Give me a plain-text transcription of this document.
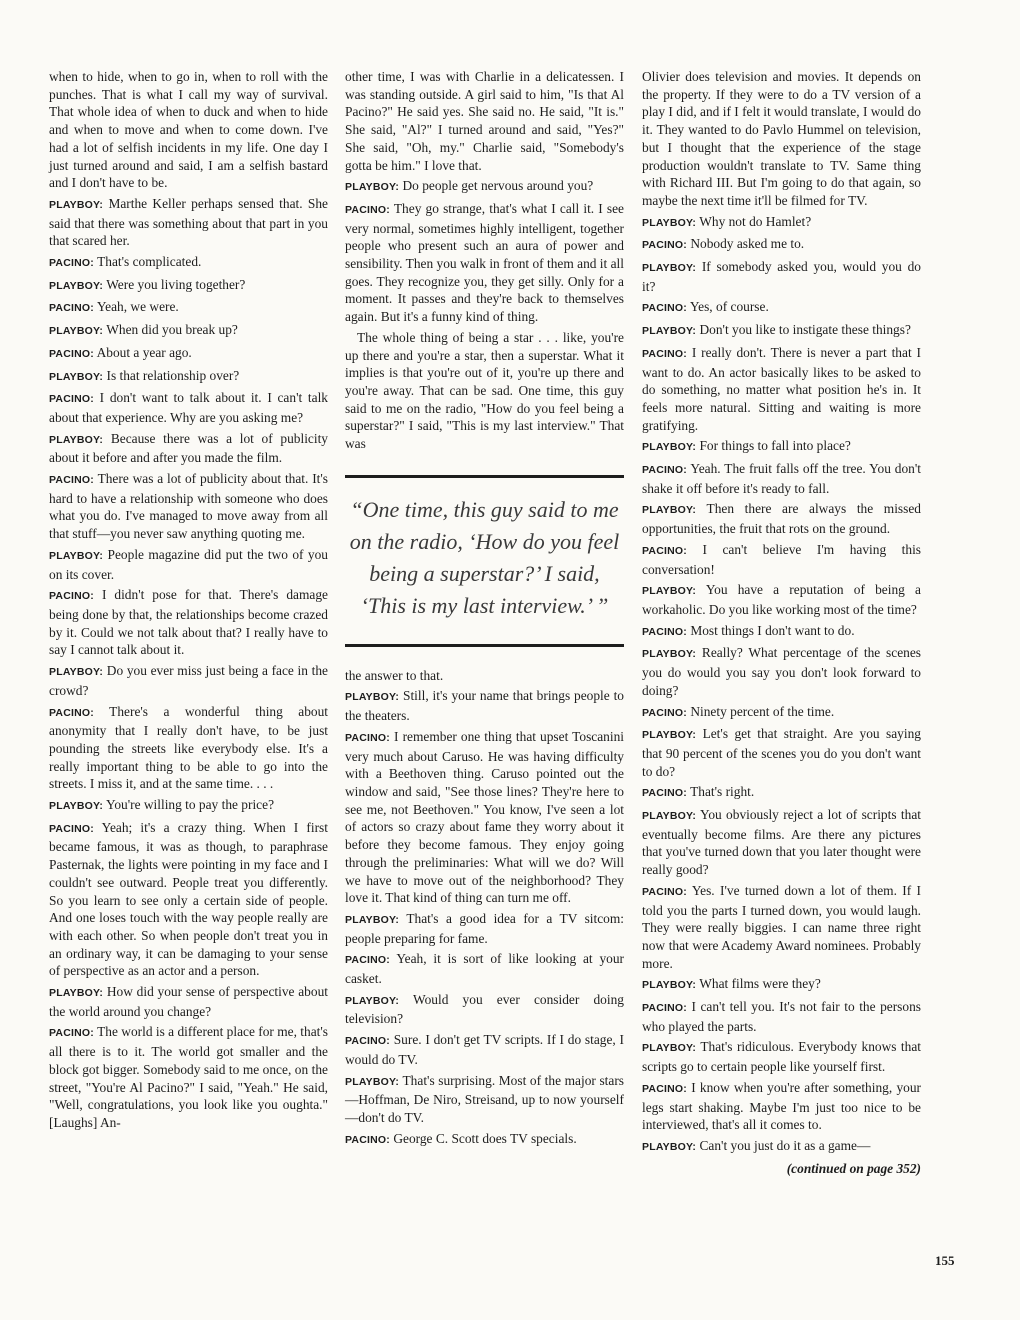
when to hide, when to go in, when to roll with the punches. That is what I call my way of survival. That whole idea of when to duck and when to hide and when to move and when to come down. I've had a lot of selfish incidents in my life. One day I just turned around and said, I am a selfish bastard and I don't have to be.

PLAYBOY: Marthe Keller perhaps sensed that. She said that there was something about that part in you that scared her.

PACINO: That's complicated.

PLAYBOY: Were you living together?

PACINO: Yeah, we were.

PLAYBOY: When did you break up?

PACINO: About a year ago.

PLAYBOY: Is that relationship over?

PACINO: I don't want to talk about it. I can't talk about that experience. Why are you asking me?

PLAYBOY: Because there was a lot of publicity about it before and after you made the film.

PACINO: There was a lot of publicity about that. It's hard to have a relationship with someone who does what you do. I've managed to move away from all that stuff—you never saw anything quoting me.

PLAYBOY: People magazine did put the two of you on its cover.

PACINO: I didn't pose for that. There's damage being done by that, the relationships become crazed by it. Could we not talk about that? I really have to say I cannot talk about it.

PLAYBOY: Do you ever miss just being a face in the crowd?

PACINO: There's a wonderful thing about anonymity that I really don't have, to be just pounding the streets like everybody else. It's a really important thing to be able to go into the streets. I miss it, and at the same time. . . .

PLAYBOY: You're willing to pay the price?

PACINO: Yeah; it's a crazy thing. When I first became famous, it was as though, to paraphrase Pasternak, the lights were pointing in my face and I couldn't see outward. People treat you differently. So you learn to see only a certain side of people. And one loses touch with the way people really are with each other. So when people don't treat you in an ordinary way, it can be damaging to your sense of perspective as an actor and a person.

PLAYBOY: How did your sense of perspective about the world around you change?

PACINO: The world is a different place for me, that's all there is to it. The world got smaller and the block got bigger. Somebody said to me once, on the street, "You're Al Pacino?" I said, "Yeah." He said, "Well, congratulations, you look like you oughta." [Laughs] An-

other time, I was with Charlie in a delicatessen. I was standing outside. A girl said to him, "Is that Al Pacino?" He said yes. She said no. He said, "It is." She said, "Al?" I turned around and said, "Yes?" She said, "Oh, my." Charlie said, "Somebody's gotta be him." I love that.

PLAYBOY: Do people get nervous around you?

PACINO: They go strange, that's what I call it. I see very normal, sometimes highly intelligent, together people who present such an aura of power and sensibility. Then you walk in front of them and it all goes. They recognize you, they get silly. Only for a moment. It passes and they're back to themselves again. But it's a funny kind of thing.

The whole thing of being a star . . . like, you're up there and you're a star, then a superstar. What it implies is that you're out of it, you're up there and you're away. That can be sad. One time, this guy said to me on the radio, "How do you feel being a superstar?" I said, "This is my last interview." That was

“One time, this guy said to me on the radio, ‘How do you feel being a superstar?’ I said, ‘This is my last interview.’ ”

the answer to that.

PLAYBOY: Still, it's your name that brings people to the theaters.

PACINO: I remember one thing that upset Toscanini very much about Caruso. He was having difficulty with a Beethoven thing. Caruso pointed out the window and said, "See those lines? They're here to see me, not Beethoven." You know, I've seen a lot of actors so crazy about fame they worry about it before they become famous. They enjoy going through the preliminaries: What will we do? Will we have to move out of the neighborhood? They love it. That kind of thing can turn me off.

PLAYBOY: That's a good idea for a TV sitcom: people preparing for fame.

PACINO: Yeah, it is sort of like looking at your casket.

PLAYBOY: Would you ever consider doing television?

PACINO: Sure. I don't get TV scripts. If I do stage, I would do TV.

PLAYBOY: That's surprising. Most of the major stars—Hoffman, De Niro, Streisand, up to now yourself—don't do TV.

PACINO: George C. Scott does TV specials.

Olivier does television and movies. It depends on the property. If they were to do a TV version of a play I did, and if I felt it would translate, I would do it. They wanted to do Pavlo Hummel on television, but I thought that the experience of the stage production wouldn't translate to TV. Same thing with Richard III. But I'm going to do that again, so maybe the next time it'll be filmed for TV.

PLAYBOY: Why not do Hamlet?

PACINO: Nobody asked me to.

PLAYBOY: If somebody asked you, would you do it?

PACINO: Yes, of course.

PLAYBOY: Don't you like to instigate these things?

PACINO: I really don't. There is never a part that I want to do. An actor basically likes to be asked to do something, no matter what position he's in. It feels more natural. Sitting and waiting is more gratifying.

PLAYBOY: For things to fall into place?

PACINO: Yeah. The fruit falls off the tree. You don't shake it off before it's ready to fall.

PLAYBOY: Then there are always the missed opportunities, the fruit that rots on the ground.

PACINO: I can't believe I'm having this conversation!

PLAYBOY: You have a reputation of being a workaholic. Do you like working most of the time?

PACINO: Most things I don't want to do.

PLAYBOY: Really? What percentage of the scenes you do would you say you don't look forward to doing?

PACINO: Ninety percent of the time.

PLAYBOY: Let's get that straight. Are you saying that 90 percent of the scenes you do you don't want to do?

PACINO: That's right.

PLAYBOY: You obviously reject a lot of scripts that eventually become films. Are there any pictures that you've turned down that you later thought were really good?

PACINO: Yes. I've turned down a lot of them. If I told you the parts I turned down, you would laugh. They were really biggies. I can name three right now that were Academy Award nominees. Probably more.

PLAYBOY: What films were they?

PACINO: I can't tell you. It's not fair to the persons who played the parts.

PLAYBOY: That's ridiculous. Everybody knows that scripts go to certain people like yourself first.

PACINO: I know when you're after something, your legs start shaking. Maybe I'm just too nice to be interviewed, that's all it comes to.

PLAYBOY: Can't you just do it as a game—

(continued on page 352)
155
